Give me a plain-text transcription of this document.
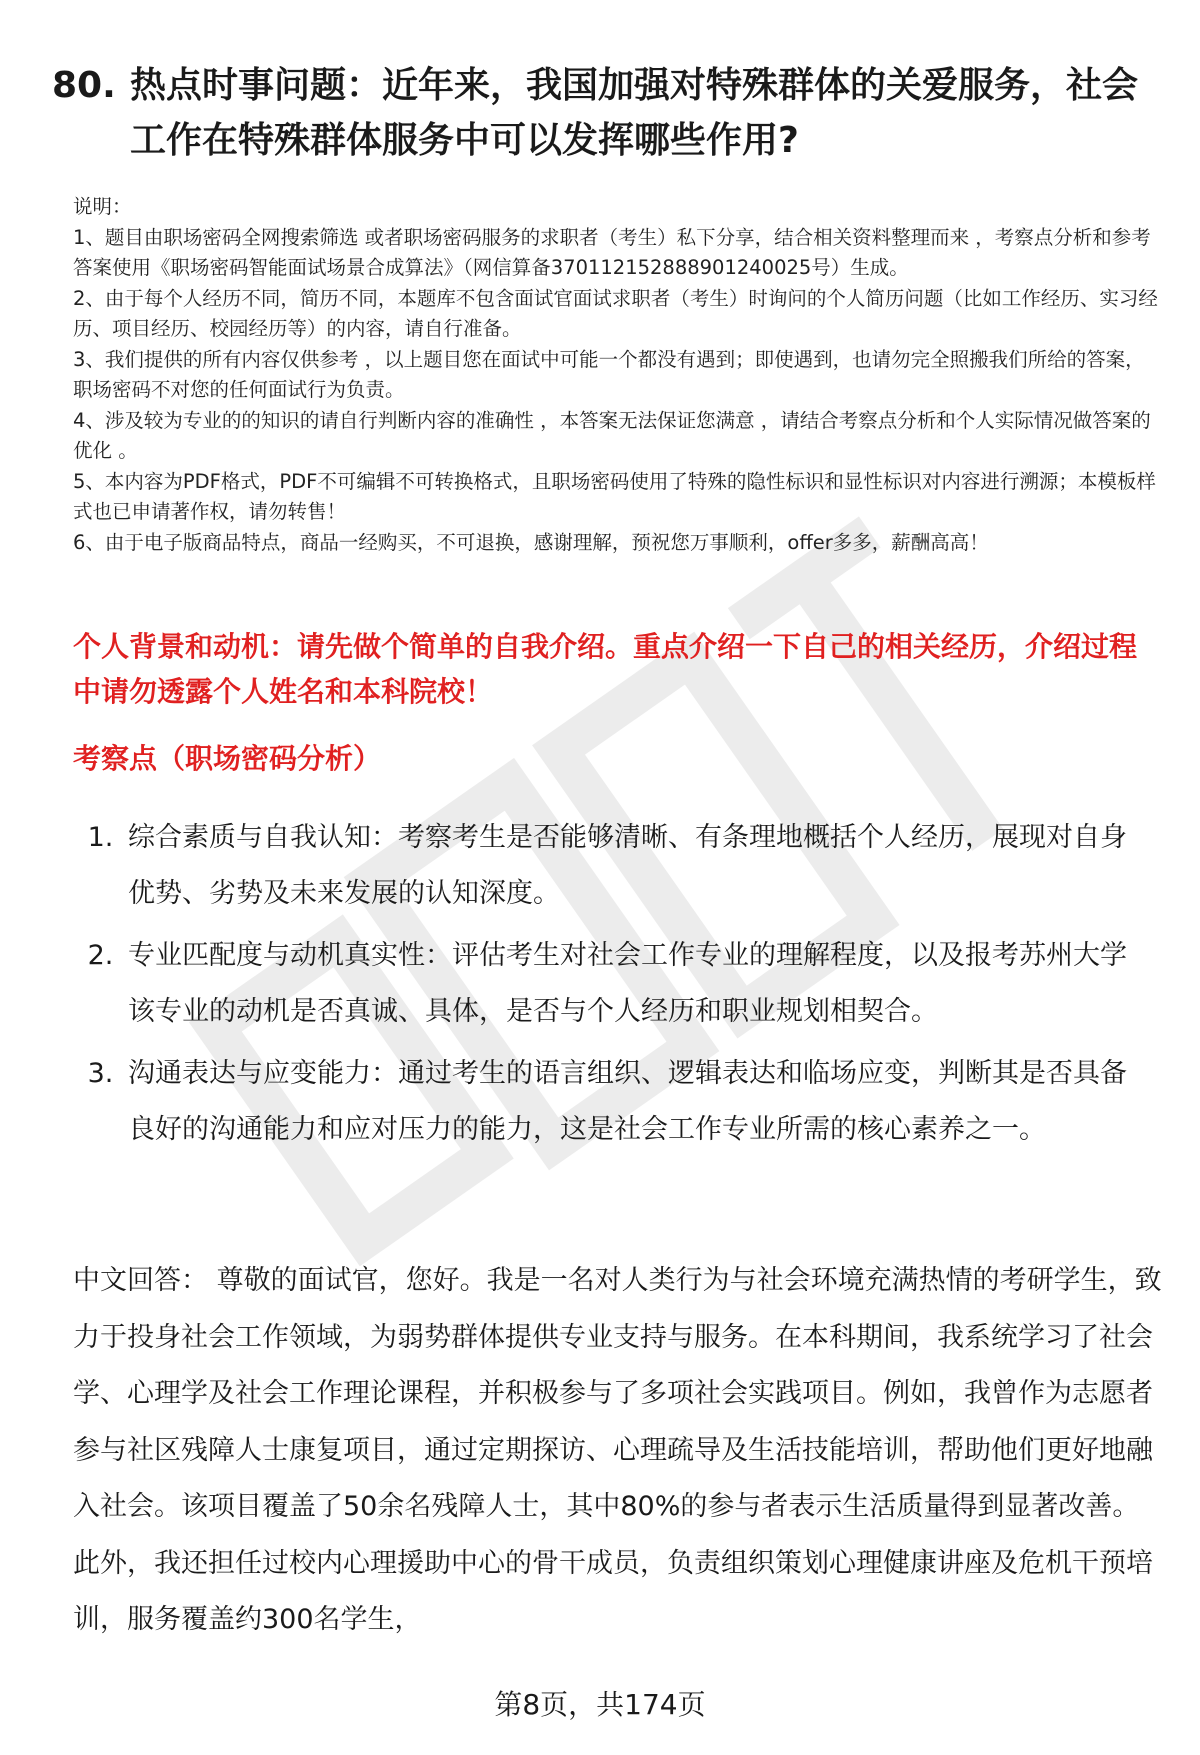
80. 热点时事问题：近年来，我国加强对特殊群体的关爱服务，社会工作在特殊群体服务中可以发挥哪些作用?
说明：
1、题目由职场密码全网搜索筛选 或者职场密码服务的求职者（考生）私下分享，结合相关资料整理而来 ，考察点分析和参考答案使用《职场密码智能面试场景合成算法》（网信算备370112152888901240025号）生成。
2、由于每个人经历不同，简历不同，本题库不包含面试官面试求职者（考生）时询问的个人简历问题（比如工作经历、实习经历、项目经历、校园经历等）的内容，请自行准备。
3、我们提供的所有内容仅供参考 ，以上题目您在面试中可能一个都没有遇到；即使遇到，也请勿完全照搬我们所给的答案，职场密码不对您的任何面试行为负责。
4、涉及较为专业的的知识的请自行判断内容的准确性 ，本答案无法保证您满意 ，请结合考察点分析和个人实际情况做答案的优化 。
5、本内容为PDF格式，PDF不可编辑不可转换格式，且职场密码使用了特殊的隐性标识和显性标识对内容进行溯源；本模板样式也已申请著作权，请勿转售！
6、由于电子版商品特点，商品一经购买，不可退换，感谢理解，预祝您万事顺利，offer多多，薪酬高高！
个人背景和动机：请先做个简单的自我介绍。重点介绍一下自己的相关经历，介绍过程中请勿透露个人姓名和本科院校！
考察点（职场密码分析）
1. 综合素质与自我认知：考察考生是否能够清晰、有条理地概括个人经历，展现对自身优势、劣势及未来发展的认知深度。
2. 专业匹配度与动机真实性：评估考生对社会工作专业的理解程度，以及报考苏州大学该专业的动机是否真诚、具体，是否与个人经历和职业规划相契合。
3. 沟通表达与应变能力：通过考生的语言组织、逻辑表达和临场应变，判断其是否具备良好的沟通能力和应对压力的能力，这是社会工作专业所需的核心素养之一。
中文回答： 尊敬的面试官，您好。我是一名对人类行为与社会环境充满热情的考研学生，致力于投身社会工作领域，为弱势群体提供专业支持与服务。在本科期间，我系统学习了社会学、心理学及社会工作理论课程，并积极参与了多项社会实践项目。例如，我曾作为志愿者参与社区残障人士康复项目，通过定期探访、心理疏导及生活技能培训，帮助他们更好地融入社会。该项目覆盖了50余名残障人士，其中80%的参与者表示生活质量得到显著改善。此外，我还担任过校内心理援助中心的骨干成员，负责组织策划心理健康讲座及危机干预培训，服务覆盖约300名学生，
第8页，共174页
